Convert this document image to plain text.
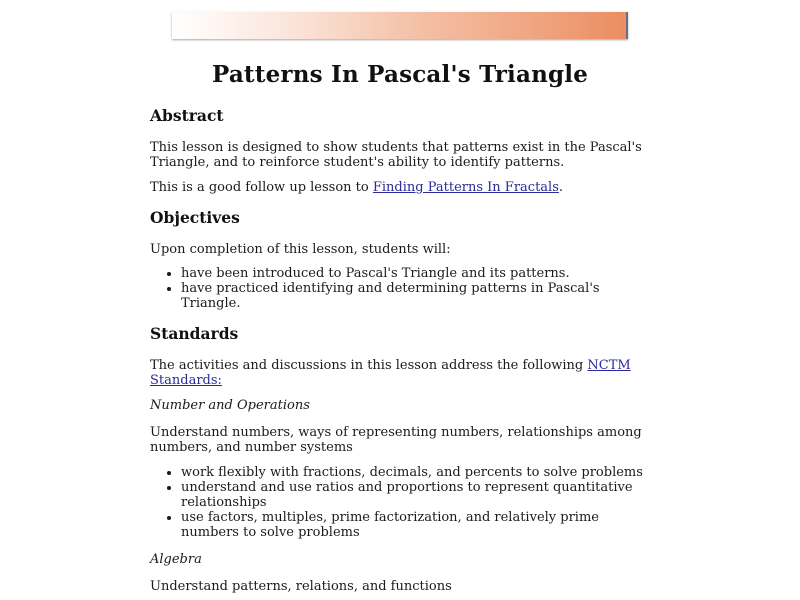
Patterns In Pascal's Triangle
Abstract

This lesson is designed to show students that patterns exist in the Pascal's Triangle, and to reinforce student's ability to identify patterns.

This is a good follow up lesson to Finding Patterns In Fractals.

Objectives

Upon completion of this lesson, students will:

• have been introduced to Pascal's Triangle and its patterns.
• have practiced identifying and determining patterns in Pascal's Triangle.
Standards

The activities and discussions in this lesson address the following NCTM Standards:

Number and Operations

Understand numbers, ways of representing numbers, relationships among numbers, and number systems

• work flexibly with fractions, decimals, and percents to solve problems
• understand and use ratios and proportions to represent quantitative relationships
• use factors, multiples, prime factorization, and relatively prime numbers to solve problems

Algebra

Understand patterns, relations, and functions
